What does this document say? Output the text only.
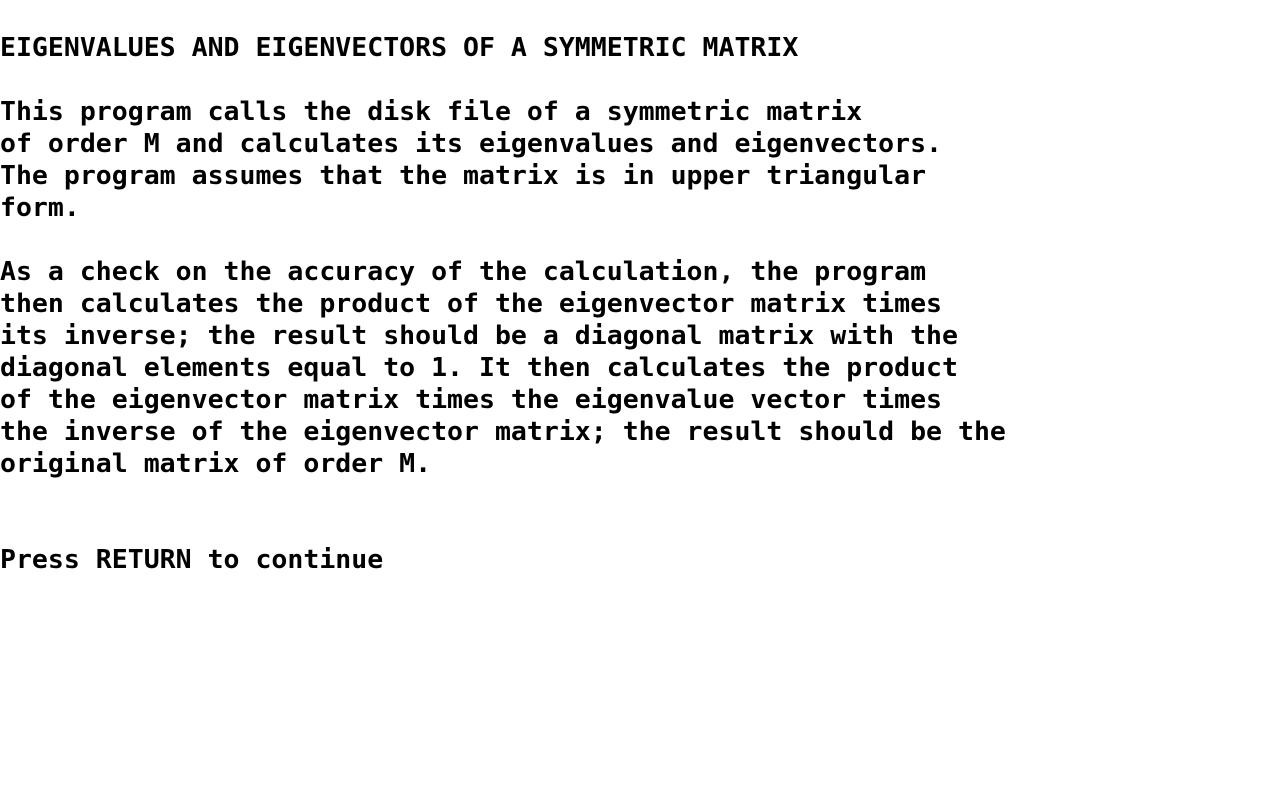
EIGENVALUES AND EIGENVECTORS OF A SYMMETRIC MATRIX
This program calls the disk file of a symmetric matrix
of order M and calculates its eigenvalues and eigenvectors.
The program assumes that the matrix is in upper triangular
form.
As a check on the accuracy of the calculation, the program
then calculates the product of the eigenvector matrix times
its inverse; the result should be a diagonal matrix with the
diagonal elements equal to 1. It then calculates the product
of the eigenvector matrix times the eigenvalue vector times
the inverse of the eigenvector matrix; the result should be the
original matrix of order M.
Press RETURN to continue
